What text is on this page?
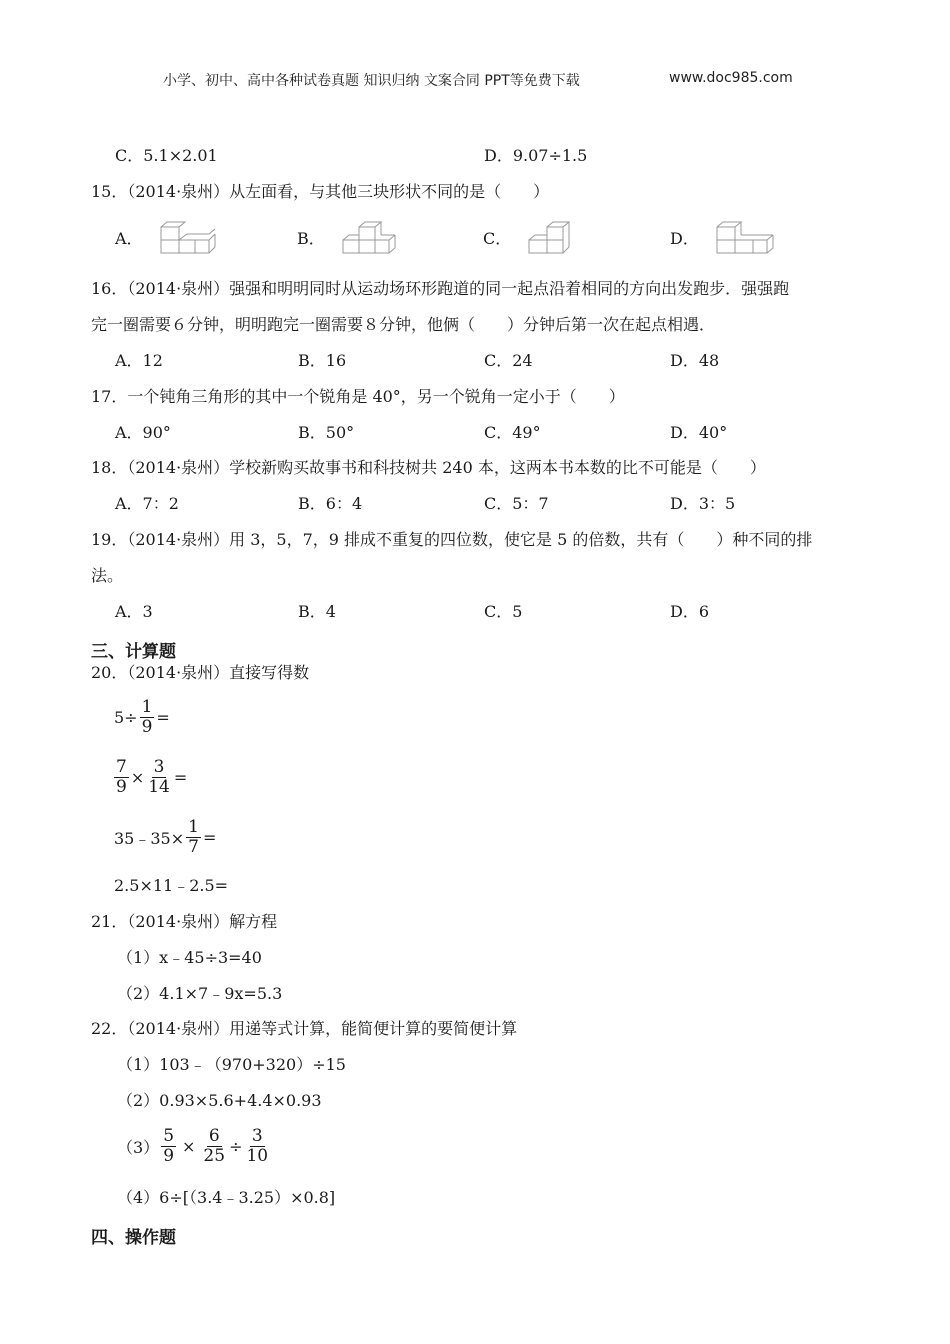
小学、初中、高中各种试卷真题 知识归纳 文案合同 PPT等免费下载	www.doc985.com
C．5.1×2.01	D．9.07÷1.5
15．（2014·泉州）从左面看，与其他三块形状不同的是（　　）
A．	B．	C．	D．
16．（2014·泉州）强强和明明同时从运动场环形跑道的同一起点沿着相同的方向出发跑步．强强跑
完一圈需要６分钟，明明跑完一圈需要８分钟，他俩（　　）分钟后第一次在起点相遇．
A．12	B．16	C．24	D．48
17．一个钝角三角形的其中一个锐角是 40°，另一个锐角一定小于（　　）
A．90°	B．50°	C．49°	D．40°
18．（2014·泉州）学校新购买故事书和科技树共 240 本，这两本书本数的比不可能是（　　）
A．7：2	B．6：4	C．5：7	D．3：5
19．（2014·泉州）用 3，5，7，9 排成不重复的四位数，使它是 5 的倍数，共有（　　）种不同的排
法。
A．3	B．4	C．5	D．6
三、计算题
20．（2014·泉州）直接写得数
$5\div \frac{1}{9}$ =
$\frac{7}{9} \times \frac{3}{14}$ =
35﹣35× $\frac{1}{7}$ =
2.5×11﹣2.5=
21．（2014·泉州）解方程
（1）x﹣45÷3=40
（2）4.1×7﹣9x=5.3
22．（2014·泉州）用递等式计算，能简便计算的要简便计算
（1）103﹣（970+320）÷15
（2）0.93×5.6+4.4×0.93
$(3) \frac{5}{9} \times \frac{6}{25} \div \frac{3}{10}$
（4）6÷[（3.4﹣3.25）×0.8]
四、操作题
